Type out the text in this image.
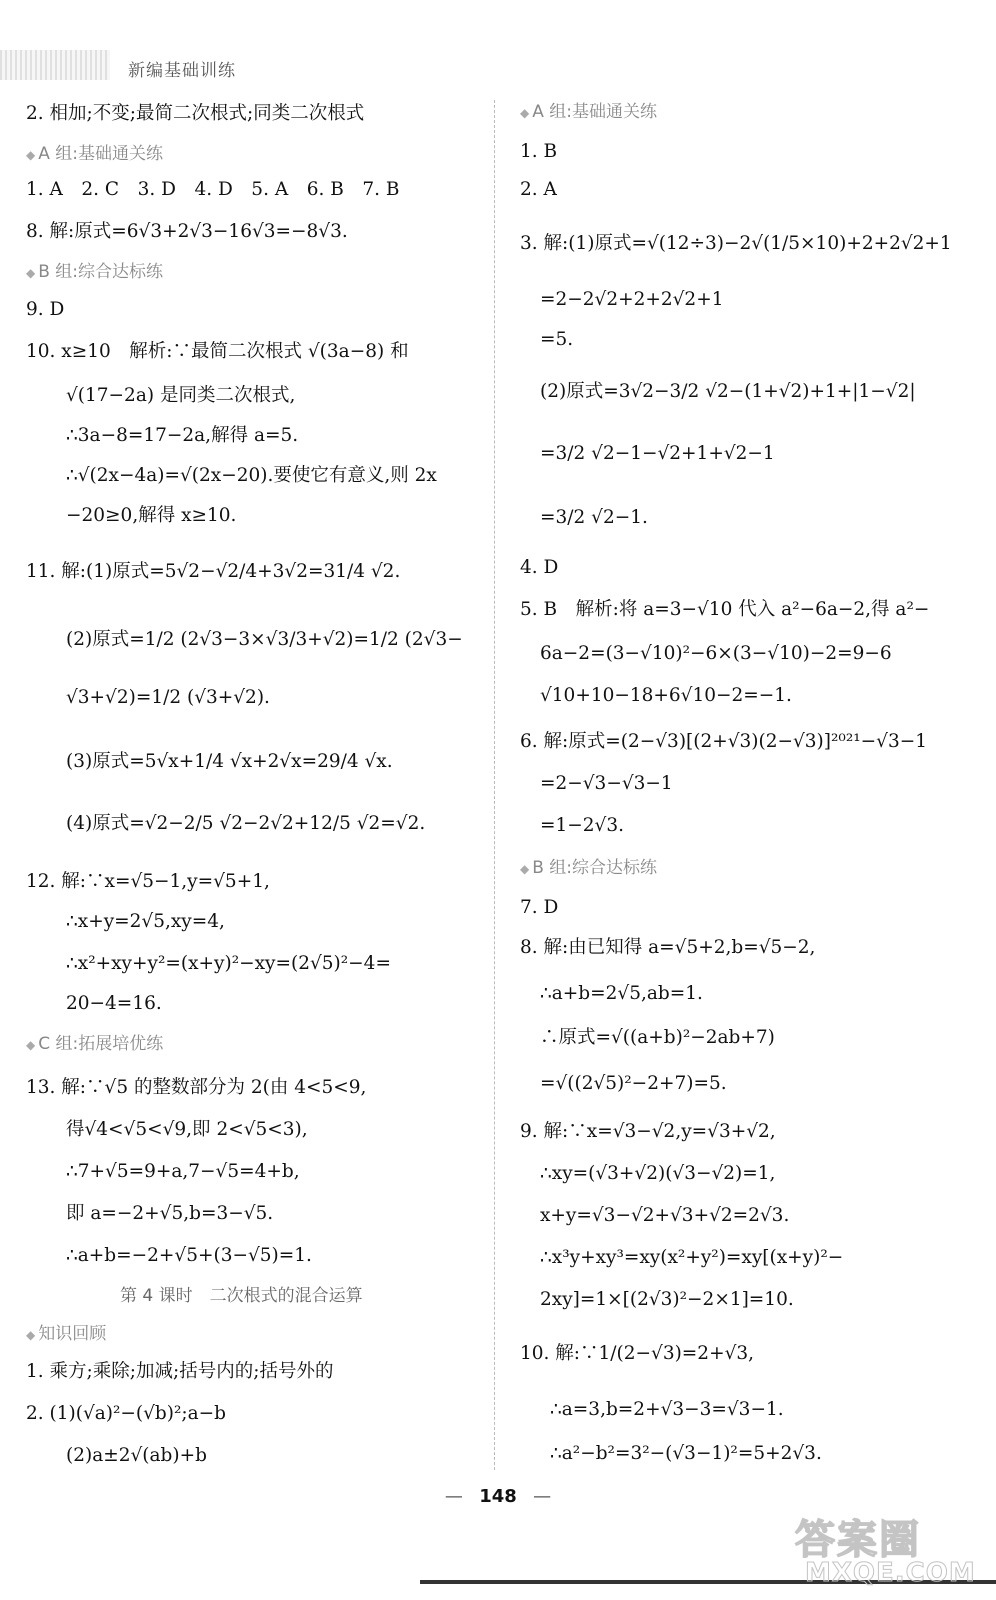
新编基础训练
2. 相加;不变;最简二次根式;同类二次根式
◆ A 组:基础通关练
1. A　2. C　3. D　4. D　5. A　6. B　7. B
8. 解:原式=6√3+2√3−16√3=−8√3.
◆ B 组:综合达标练
9. D
10. x≥10　解析:∵最简二次根式 √(3a−8) 和
√(17−2a) 是同类二次根式,
∴3a−8=17−2a,解得 a=5.
∴√(2x−4a)=√(2x−20).要使它有意义,则 2x
−20≥0,解得 x≥10.
11. 解:(1)原式=5√2−√2/4+3√2=31/4 √2.
(2)原式=1/2 (2√3−3×√3/3+√2)=1/2 (2√3−
√3+√2)=1/2 (√3+√2).
(3)原式=5√x+1/4 √x+2√x=29/4 √x.
(4)原式=√2−2/5 √2−2√2+12/5 √2=√2.
12. 解:∵x=√5−1,y=√5+1,
∴x+y=2√5,xy=4,
∴x²+xy+y²=(x+y)²−xy=(2√5)²−4=
20−4=16.
◆ C 组:拓展培优练
13. 解:∵√5 的整数部分为 2(由 4<5<9,
得√4<√5<√9,即 2<√5<3),
∴7+√5=9+a,7−√5=4+b,
即 a=−2+√5,b=3−√5.
∴a+b=−2+√5+(3−√5)=1.
第 4 课时　二次根式的混合运算
◆ 知识回顾
1. 乘方;乘除;加减;括号内的;括号外的
2. (1)(√a)²−(√b)²;a−b
(2)a±2√(ab)+b
◆ A 组:基础通关练
1. B
2. A
3. 解:(1)原式=√(12÷3)−2√(1/5×10)+2+2√2+1
=2−2√2+2+2√2+1
=5.
(2)原式=3√2−3/2 √2−(1+√2)+1+|1−√2|
=3/2 √2−1−√2+1+√2−1
=3/2 √2−1.
4. D
5. B　解析:将 a=3−√10 代入 a²−6a−2,得 a²−
6a−2=(3−√10)²−6×(3−√10)−2=9−6
√10+10−18+6√10−2=−1.
6. 解:原式=(2−√3)[(2+√3)(2−√3)]²⁰²¹−√3−1
=2−√3−√3−1
=1−2√3.
◆ B 组:综合达标练
7. D
8. 解:由已知得 a=√5+2,b=√5−2,
∴a+b=2√5,ab=1.
∴原式=√((a+b)²−2ab+7)
=√((2√5)²−2+7)=5.
9. 解:∵x=√3−√2,y=√3+√2,
∴xy=(√3+√2)(√3−√2)=1,
x+y=√3−√2+√3+√2=2√3.
∴x³y+xy³=xy(x²+y²)=xy[(x+y)²−
2xy]=1×[(2√3)²−2×1]=10.
10. 解:∵1/(2−√3)=2+√3,
∴a=3,b=2+√3−3=√3−1.
∴a²−b²=3²−(√3−1)²=5+2√3.
— 148 —
答案圈
MXQE.COM
